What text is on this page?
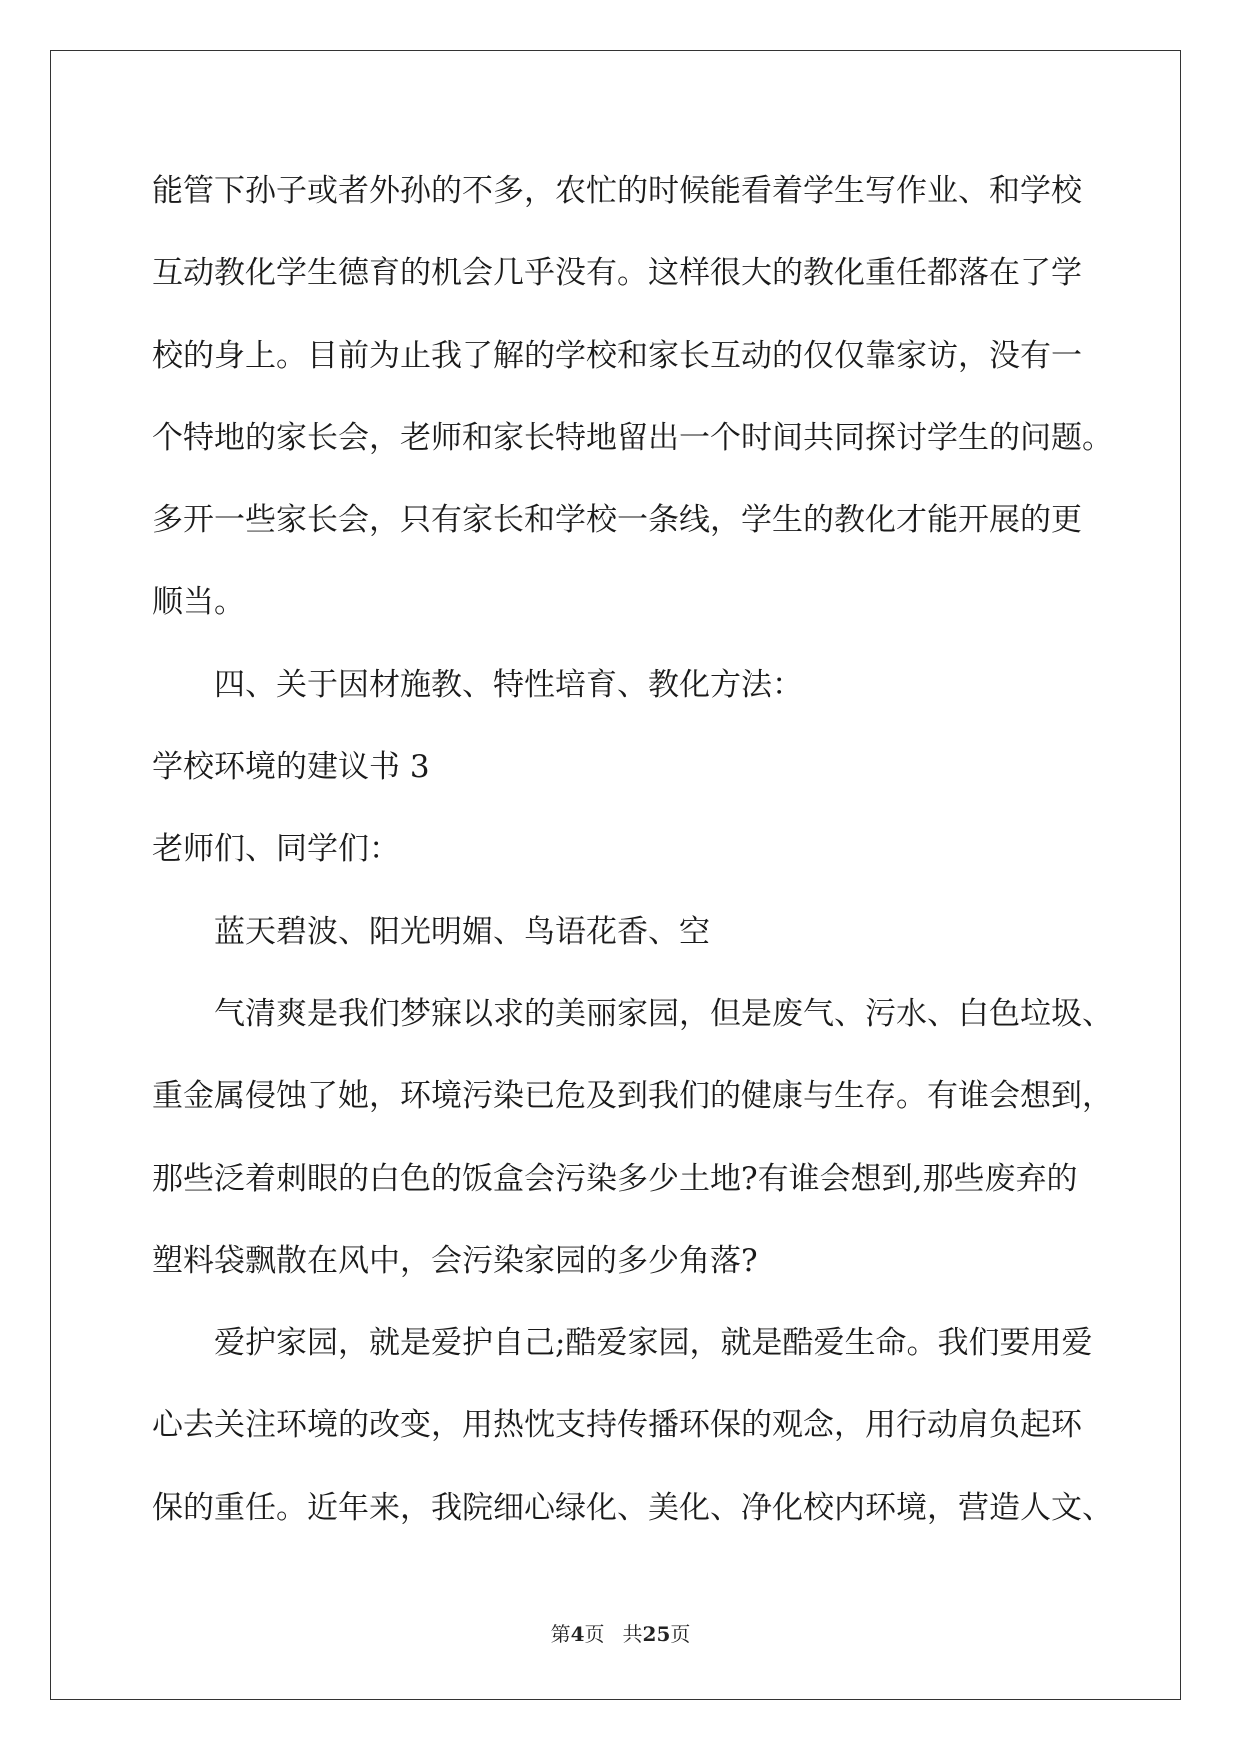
能管下孙子或者外孙的不多，农忙的时候能看着学生写作业、和学校
互动教化学生德育的机会几乎没有。这样很大的教化重任都落在了学
校的身上。目前为止我了解的学校和家长互动的仅仅靠家访，没有一
个特地的家长会，老师和家长特地留出一个时间共同探讨学生的问题。
多开一些家长会，只有家长和学校一条线，学生的教化才能开展的更
顺当。
四、关于因材施教、特性培育、教化方法：
学校环境的建议书 3
老师们、同学们：
蓝天碧波、阳光明媚、鸟语花香、空
气清爽是我们梦寐以求的美丽家园，但是废气、污水、白色垃圾、
重金属侵蚀了她，环境污染已危及到我们的健康与生存。有谁会想到，
那些泛着刺眼的白色的饭盒会污染多少土地?有谁会想到,那些废弃的
塑料袋飘散在风中，会污染家园的多少角落?
爱护家园，就是爱护自己;酷爱家园，就是酷爱生命。我们要用爱
心去关注环境的改变，用热忱支持传播环保的观念，用行动肩负起环
保的重任。近年来，我院细心绿化、美化、净化校内环境，营造人文、
第4页 共25页
